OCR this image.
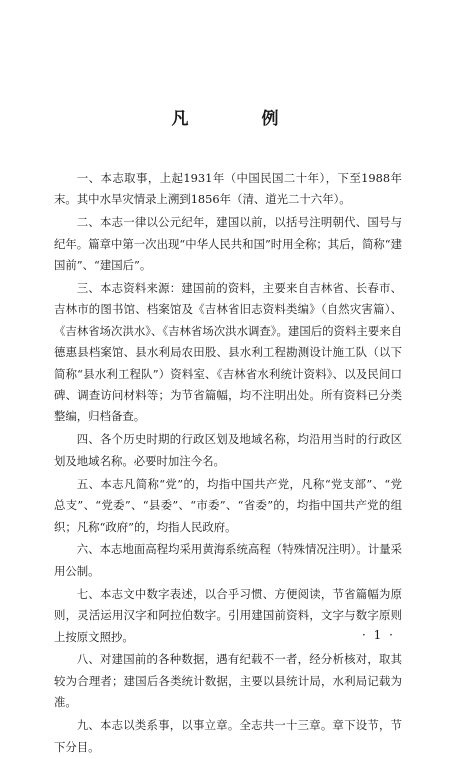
凡　例

一、本志取事，上起1931年（中国民国二十年），下至1988年末。其中水旱灾情录上溯到1856年（清、道光二十六年）。

二、本志一律以公元纪年，建国以前，以括号注明朝代、国号与纪年。篇章中第一次出现“中华人民共和国”时用全称；其后，简称“建国前”、“建国后”。

三、本志资料来源：建国前的资料，主要来自吉林省、长春市、吉林市的图书馆、档案馆及《吉林省旧志资料类编》（自然灾害篇）、《吉林省场次洪水》、《吉林省场次洪水调查》。建国后的资料主要来自德惠县档案馆、县水利局农田股、县水利工程勘测设计施工队（以下简称“县水利工程队”）资料室、《吉林省水利统计资料》、以及民间口碑、调查访问材料等；为节省篇幅，均不注明出处。所有资料已分类整编，归档备查。

四、各个历史时期的行政区划及地域名称，均沿用当时的行政区划及地域名称。必要时加注今名。

五、本志凡简称“党”的，均指中国共产党，凡称“党支部”、“党总支”、“党委”、“县委”、“市委”、“省委”的，均指中国共产党的组织；凡称“政府”的，均指人民政府。

六、本志地面高程均采用黄海系统高程（特殊情况注明）。计量采用公制。

七、本志文中数字表述，以合乎习惯、方便阅读，节省篇幅为原则，灵活运用汉字和阿拉伯数字。引用建国前资料，文字与数字原则上按原文照抄。

八、对建国前的各种数据，遇有纪载不一者，经分析核对，取其较为合理者；建国后各类统计数据，主要以县统计局，水利局记载为准。

九、本志以类系事，以事立章。全志共一十三章。章下设节，节下分目。

· 1 ·
